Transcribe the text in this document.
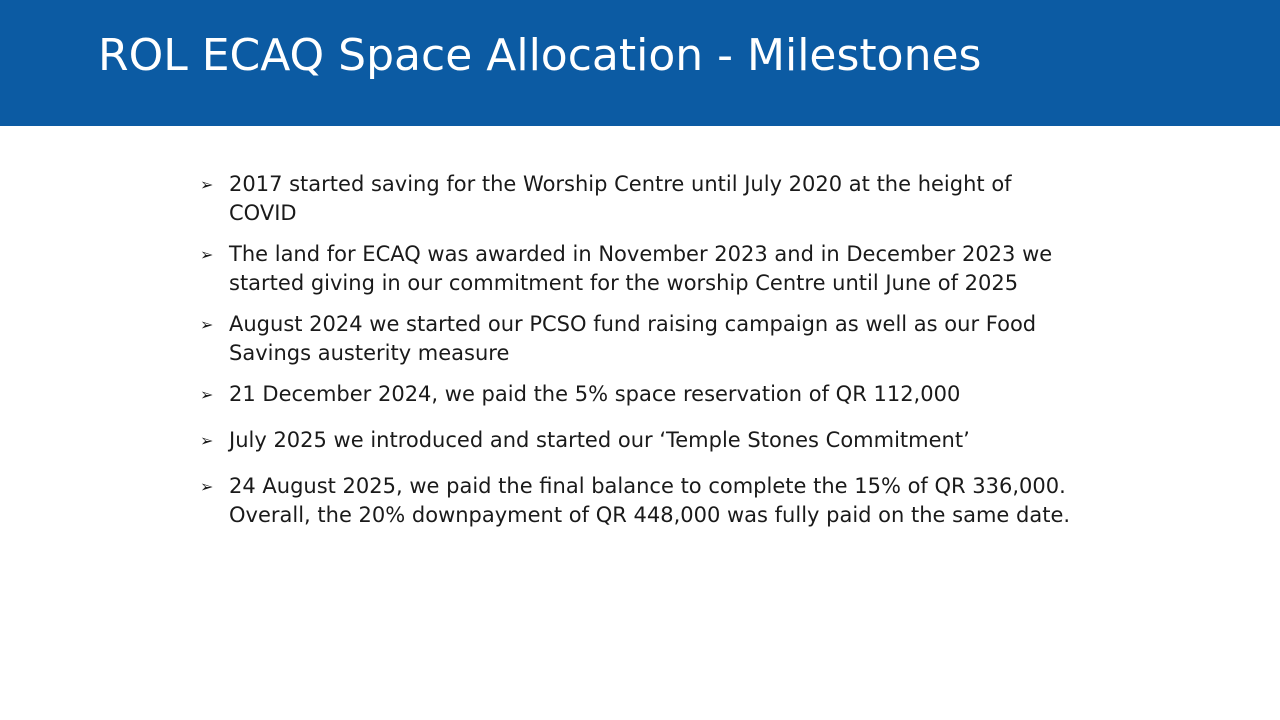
ROL ECAQ Space Allocation - Milestones
➢ 2017 started saving for the Worship Centre until July 2020 at the height of COVID
➢ The land for ECAQ was awarded in November 2023 and in December 2023 we started giving in our commitment for the worship Centre until June of 2025
➢ August 2024 we started our PCSO fund raising campaign as well as our Food Savings austerity measure
➢ 21 December 2024, we paid the 5% space reservation of QR 112,000
➢ July 2025 we introduced and started our ‘Temple Stones Commitment’
➢ 24 August 2025, we paid the final balance to complete the 15% of QR 336,000. Overall, the 20% downpayment of QR 448,000 was fully paid on the same date.
